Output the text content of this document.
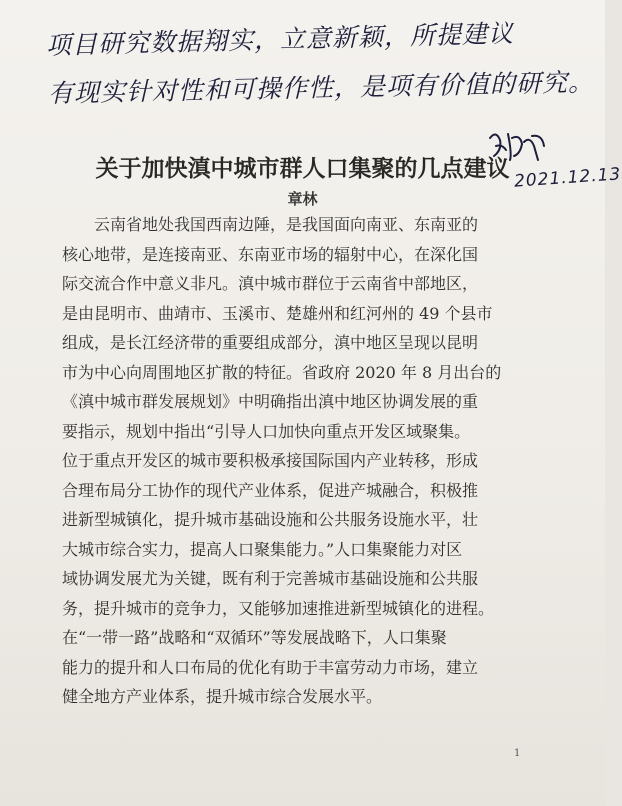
项目研究数据翔实，立意新颖，所提建议
有现实针对性和可操作性，是项有价值的研究。
2021.12.13
关于加快滇中城市群人口集聚的几点建议
章林

　　云南省地处我国西南边陲，是我国面向南亚、东南亚的

核心地带，是连接南亚、东南亚市场的辐射中心，在深化国

际交流合作中意义非凡。滇中城市群位于云南省中部地区，

是由昆明市、曲靖市、玉溪市、楚雄州和红河州的 49 个县市

组成，是长江经济带的重要组成部分，滇中地区呈现以昆明

市为中心向周围地区扩散的特征。省政府 2020 年 8 月出台的

《滇中城市群发展规划》中明确指出滇中地区协调发展的重

要指示，规划中指出“引导人口加快向重点开发区域聚集。

位于重点开发区的城市要积极承接国际国内产业转移，形成

合理布局分工协作的现代产业体系，促进产城融合，积极推

进新型城镇化，提升城市基础设施和公共服务设施水平，壮

大城市综合实力，提高人口聚集能力。”人口集聚能力对区

域协调发展尤为关键，既有利于完善城市基础设施和公共服

务，提升城市的竞争力，又能够加速推进新型城镇化的进程。

在“一带一路”战略和“双循环”等发展战略下，人口集聚

能力的提升和人口布局的优化有助于丰富劳动力市场，建立

健全地方产业体系，提升城市综合发展水平。

1
